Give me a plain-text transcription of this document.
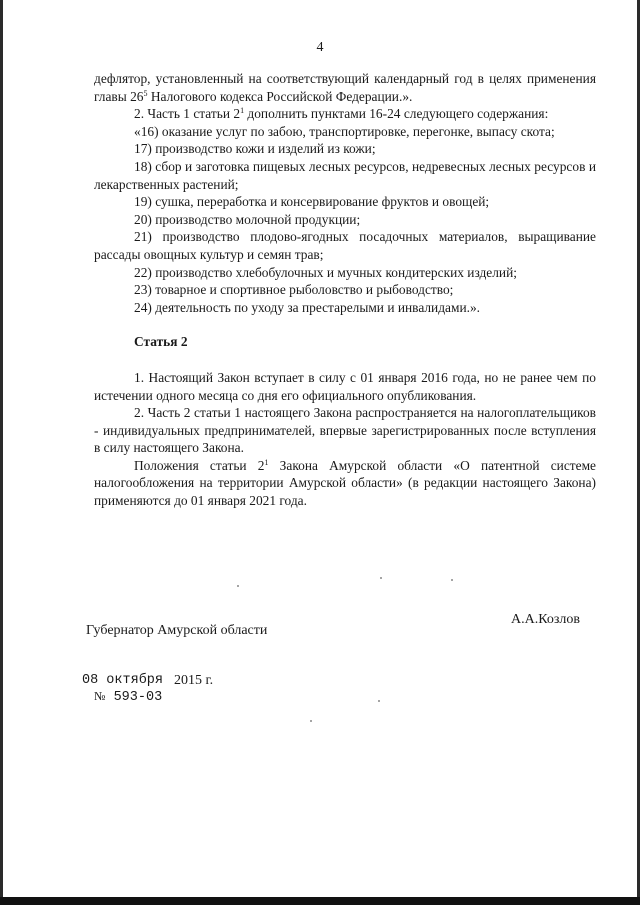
4

дефлятор, установленный на соответствующий календарный год в целях применения главы $26^5$ Налогового кодекса Российской Федерации.».

2. Часть 1 статьи $2^1$ дополнить пунктами 16-24 следующего содержания:

«16) оказание услуг по забою, транспортировке, перегонке, выпасу скота;

17) производство кожи и изделий из кожи;

18) сбор и заготовка пищевых лесных ресурсов, недревесных лесных ресурсов и лекарственных растений;

19) сушка, переработка и консервирование фруктов и овощей;

20) производство молочной продукции;

21) производство плодово-ягодных посадочных материалов, выращивание рассады овощных культур и семян трав;

22) производство хлебобулочных и мучных кондитерских изделий;

23) товарное и спортивное рыболовство и рыбоводство;

24) деятельность по уходу за престарелыми и инвалидами.».

Статья 2

1. Настоящий Закон вступает в силу с 01 января 2016 года, но не ранее чем по истечении одного месяца со дня его официального опубликования.

2. Часть 2 статьи 1 настоящего Закона распространяется на налогоплательщиков - индивидуальных предпринимателей, впервые зарегистрированных после вступления в силу настоящего Закона.

Положения статьи $2^1$ Закона Амурской области «О патентной системе налогообложения на территории Амурской области» (в редакции настоящего Закона) применяются до 01 января 2021 года.

Губернатор Амурской области
А.А.Козлов
08 октября 2015 г.
№ 593-03
